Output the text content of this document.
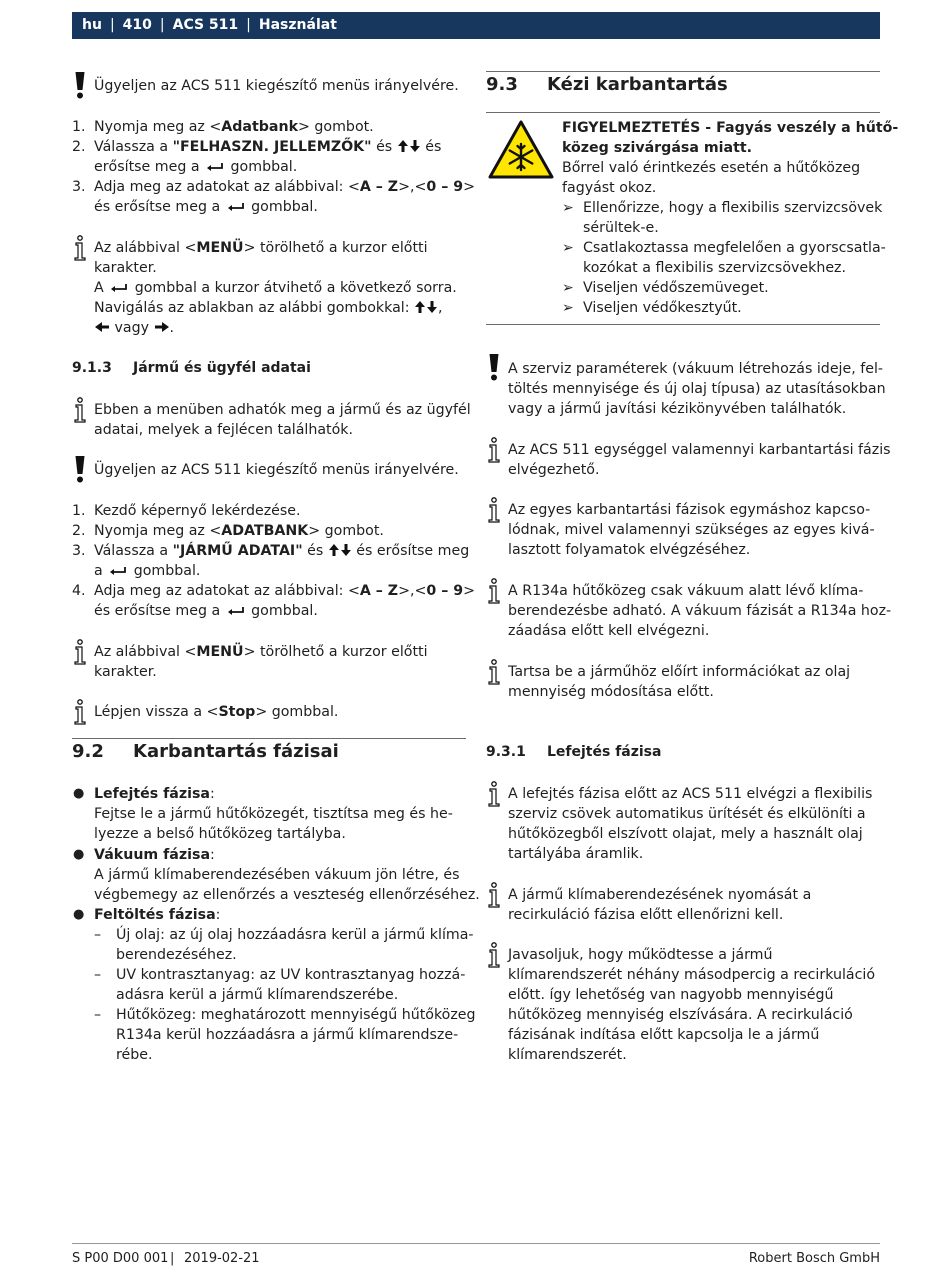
hu | 410 | ACS 511 | Használat
Ügyeljen az ACS 511 kiegészítő menüs irányelvére.
1. Nyomja meg az <Adatbank> gombot.
2. Válassza a "FELHASZN. JELLEMZŐK" és  és
erősítse meg a  gombbal.
3. Adja meg az adatokat az alábbival: <A – Z>,<0 – 9>
és erősítse meg a  gombbal.
Az alábbival <MENÜ> törölhető a kurzor előtti
karakter.
A  gombbal a kurzor átvihető a következő sorra.
Navigálás az ablakban az alábbi gombokkal: ,
vagy .
9.1.3 Jármű és ügyfél adatai
Ebben a menüben adhatók meg a jármű és az ügyfél
adatai, melyek a fejlécen találhatók.
Ügyeljen az ACS 511 kiegészítő menüs irányelvére.
1. Kezdő képernyő lekérdezése.
2. Nyomja meg az <ADATBANK> gombot.
3. Válassza a "JÁRMŰ ADATAI" és  és erősítse meg
a  gombbal.
4. Adja meg az adatokat az alábbival: <A – Z>,<0 – 9>
és erősítse meg a  gombbal.
Az alábbival <MENÜ> törölhető a kurzor előtti
karakter.
Lépjen vissza a <Stop> gombbal.
9.2 Karbantartás fázisai
● Lefejtés fázisa:
Fejtse le a jármű hűtőközegét, tisztítsa meg és he-
lyezze a belső hűtőközeg tartályba.
● Vákuum fázisa:
A jármű klímaberendezésében vákuum jön létre, és
végbemegy az ellenőrzés a veszteség ellenőrzéséhez.
● Feltöltés fázisa:
– Új olaj: az új olaj hozzáadásra kerül a jármű klíma-
berendezéséhez.
– UV kontrasztanyag: az UV kontrasztanyag hozzá-
adásra kerül a jármű klímarendszerébe.
– Hűtőközeg: meghatározott mennyiségű hűtőközeg
R134a kerül hozzáadásra a jármű klímarendsze-
rébe.
9.3 Kézi karbantartás
FIGYELMEZTETÉS - Fagyás veszély a hűtő-
közeg szivárgása miatt.
Bőrrel való érintkezés esetén a hűtőközeg
fagyást okoz.
➢ Ellenőrizze, hogy a flexibilis szervizcsövek
sérültek-e.
➢ Csatlakoztassa megfelelően a gyorscsatla-
kozókat a flexibilis szervizcsövekhez.
➢ Viseljen védőszemüveget.
➢ Viseljen védőkesztyűt.
A szerviz paraméterek (vákuum létrehozás ideje, fel-
töltés mennyisége és új olaj típusa) az utasításokban
vagy a jármű javítási kézikönyvében találhatók.
Az ACS 511 egységgel valamennyi karbantartási fázis
elvégezhető.
Az egyes karbantartási fázisok egymáshoz kapcso-
lódnak, mivel valamennyi szükséges az egyes kivá-
lasztott folyamatok elvégzéséhez.
A R134a hűtőközeg csak vákuum alatt lévő klíma-
berendezésbe adható. A vákuum fázisát a R134a hoz-
záadása előtt kell elvégezni.
Tartsa be a járműhöz előírt információkat az olaj
mennyiség módosítása előtt.
9.3.1 Lefejtés fázisa
A lefejtés fázisa előtt az ACS 511 elvégzi a flexibilis
szerviz csövek automatikus ürítését és elkülöníti a
hűtőközegből elszívott olajat, mely a használt olaj
tartályába áramlik.
A jármű klímaberendezésének nyomását a
recirkuláció fázisa előtt ellenőrizni kell.
Javasoljuk, hogy működtesse a jármű
klímarendszerét néhány másodpercig a recirkuláció
előtt. így lehetőség van nagyobb mennyiségű
hűtőközeg mennyiség elszívására. A recirkuláció
fázisának indítása előtt kapcsolja le a jármű
klímarendszerét.
S P00 D00 001 | 2019-02-21	Robert Bosch GmbH
